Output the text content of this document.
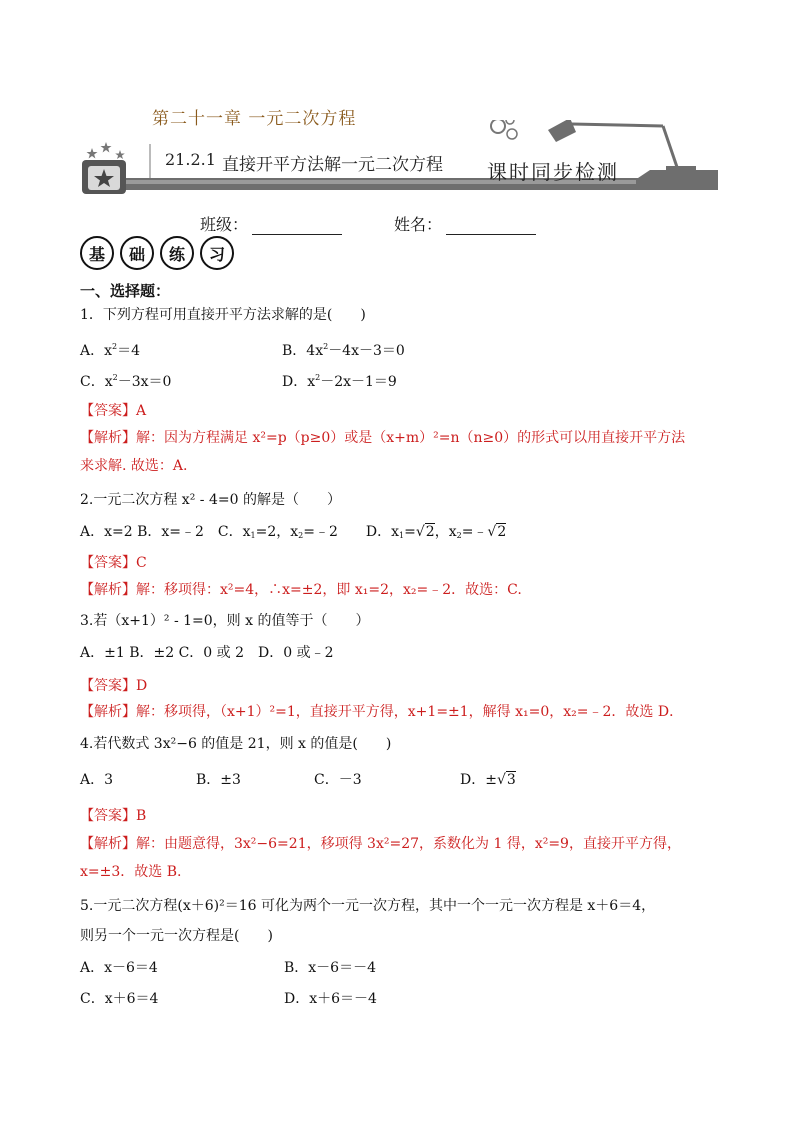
第二十一章 一元二次方程
21.2.1 直接开平方法解一元二次方程 课时同步检测
班级：	姓名：
基	础	练	习
一、选择题：
1．下列方程可用直接开平方法求解的是(　　)
A．$x^2=4$	B．$4x^2-4x-3=0$
C．$x^2-3x=0$	D．$x^2-2x-1=9$
【答案】A
【解析】解：因为方程满足 x²=p（p≥0）或是（x+m）²=n（n≥0）的形式可以用直接开平方法
来求解. 故选：A.
2.一元二次方程 x² - 4=0 的解是（　　）
A．x=2 B．x=﹣2　C．$x_1=2$，$x_2=﹣2$　　D．$x_1=√2$，$x_2=﹣√2$
【答案】C
【解析】解：移项得：x²=4，∴x=±2，即 x₁=2，x₂=﹣2．故选：C.
3.若（x+1）² - 1=0，则 x 的值等于（　　）
A．±1 B．±2 C．0 或 2　D．0 或﹣2
【答案】D
【解析】解：移项得，（x+1）²=1，直接开平方得，x+1=±1，解得 x₁=0，x₂=﹣2．故选 D．
4.若代数式 3x²−6 的值是 21，则 x 的值是(　　)
A．3	B．±3	C．－3	D．±√3
【答案】B
【解析】解：由题意得，3x²−6=21，移项得 3x²=27，系数化为 1 得，x²=9，直接开平方得，
x=±3．故选 B.
5.一元二次方程(x＋6)²＝16 可化为两个一元一次方程，其中一个一元一次方程是 x＋6＝4，
则另一个一元一次方程是(　　)
A．x－6＝4	B．x－6＝－4
C．x＋6＝4	D．x＋6＝－4
